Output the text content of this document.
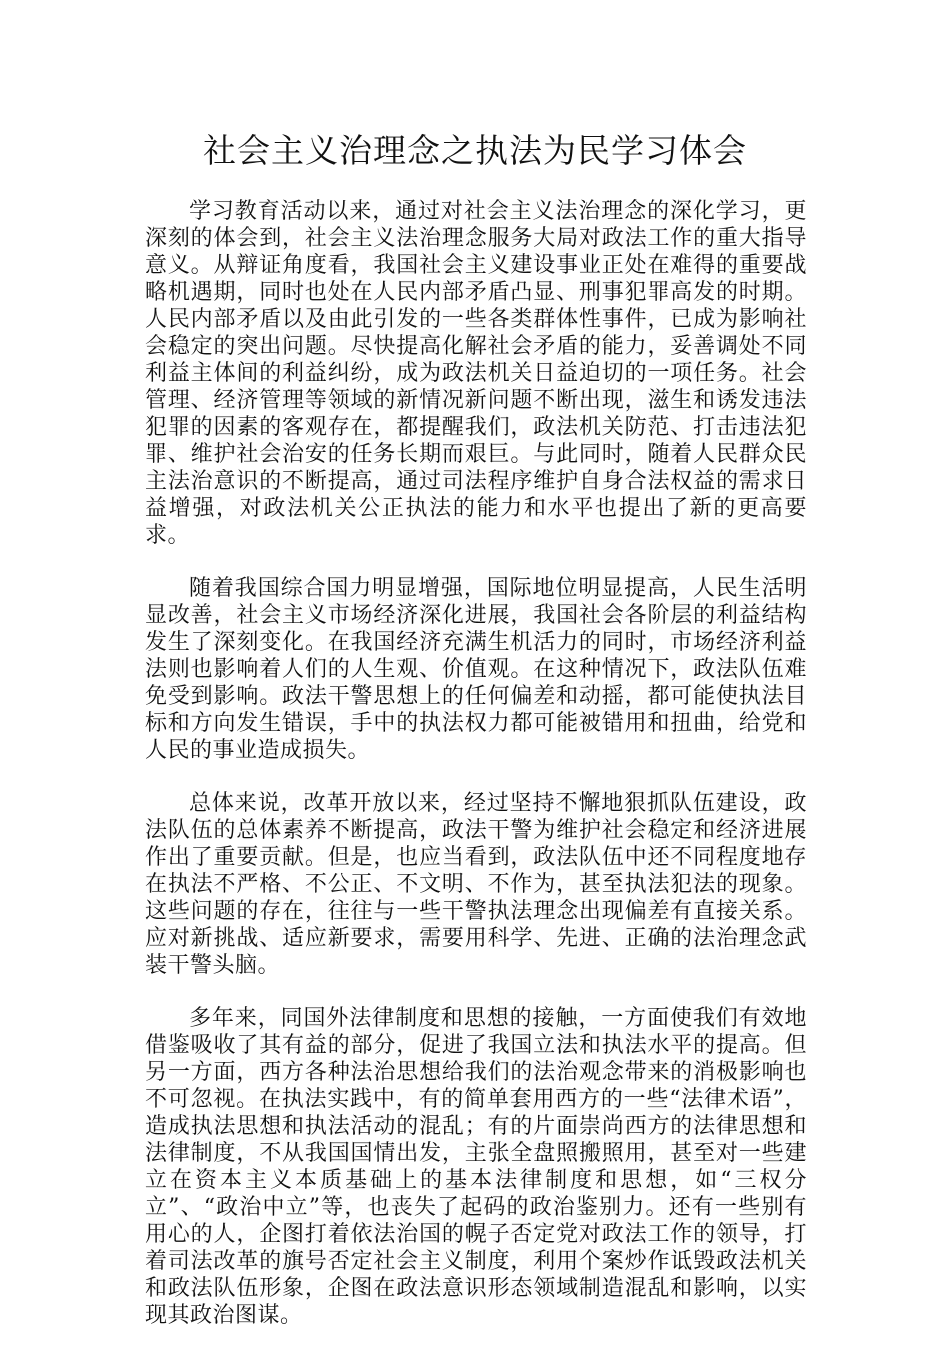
社会主义治理念之执法为民学习体会

学习教育活动以来，通过对社会主义法治理念的深化学习，更深刻的体会到，社会主义法治理念服务大局对政法工作的重大指导意义。从辩证角度看，我国社会主义建设事业正处在难得的重要战略机遇期，同时也处在人民内部矛盾凸显、刑事犯罪高发的时期。人民内部矛盾以及由此引发的一些各类群体性事件，已成为影响社会稳定的突出问题。尽快提高化解社会矛盾的能力，妥善调处不同利益主体间的利益纠纷，成为政法机关日益迫切的一项任务。社会管理、经济管理等领域的新情况新问题不断出现，滋生和诱发违法犯罪的因素的客观存在，都提醒我们，政法机关防范、打击违法犯罪、维护社会治安的任务长期而艰巨。与此同时，随着人民群众民主法治意识的不断提高，通过司法程序维护自身合法权益的需求日益增强，对政法机关公正执法的能力和水平也提出了新的更高要求。

随着我国综合国力明显增强，国际地位明显提高，人民生活明显改善，社会主义市场经济深化进展，我国社会各阶层的利益结构发生了深刻变化。在我国经济充满生机活力的同时，市场经济利益法则也影响着人们的人生观、价值观。在这种情况下，政法队伍难免受到影响。政法干警思想上的任何偏差和动摇，都可能使执法目标和方向发生错误，手中的执法权力都可能被错用和扭曲，给党和人民的事业造成损失。

总体来说，改革开放以来，经过坚持不懈地狠抓队伍建设，政法队伍的总体素养不断提高，政法干警为维护社会稳定和经济进展作出了重要贡献。但是，也应当看到，政法队伍中还不同程度地存在执法不严格、不公正、不文明、不作为，甚至执法犯法的现象。这些问题的存在，往往与一些干警执法理念出现偏差有直接关系。应对新挑战、适应新要求，需要用科学、先进、正确的法治理念武装干警头脑。

多年来，同国外法律制度和思想的接触，一方面使我们有效地借鉴吸收了其有益的部分，促进了我国立法和执法水平的提高。但另一方面，西方各种法治思想给我们的法治观念带来的消极影响也不可忽视。在执法实践中，有的简单套用西方的一些“法律术语”，造成执法思想和执法活动的混乱；有的片面崇尚西方的法律思想和法律制度，不从我国国情出发，主张全盘照搬照用，甚至对一些建立在资本主义本质基础上的基本法律制度和思想，如“三权分立”、“政治中立”等，也丧失了起码的政治鉴别力。还有一些别有用心的人，企图打着依法治国的幌子否定党对政法工作的领导，打着司法改革的旗号否定社会主义制度，利用个案炒作诋毁政法机关和政法队伍形象，企图在政法意识形态领域制造混乱和影响，以实现其政治图谋。
